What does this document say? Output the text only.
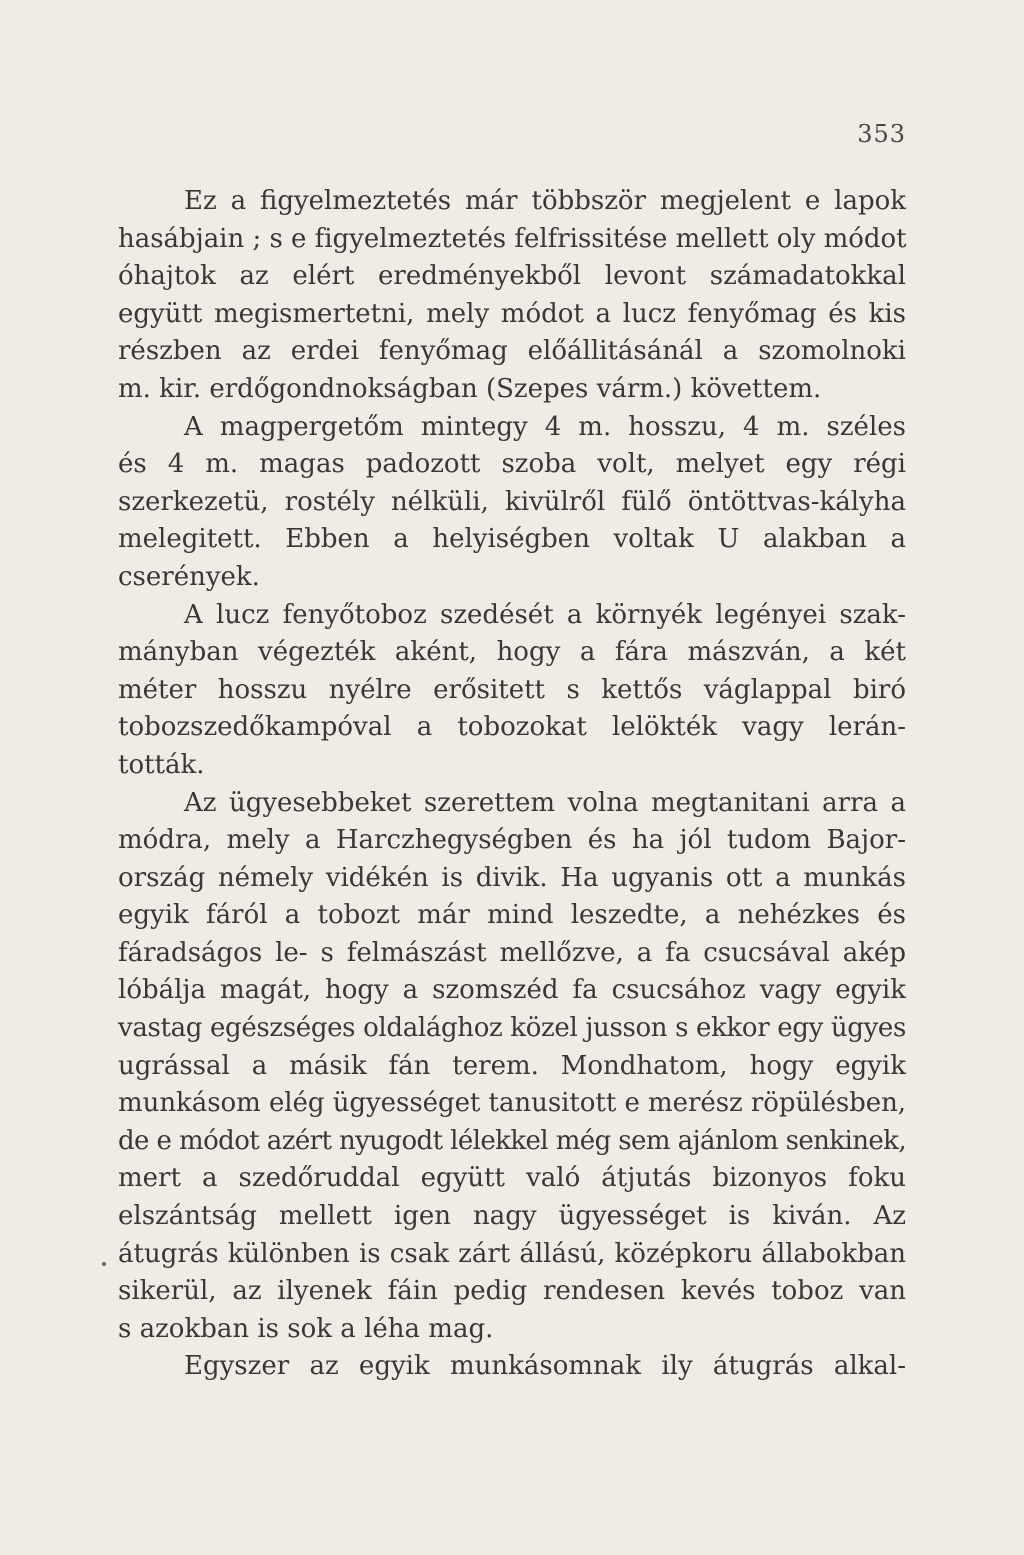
353
Ez a figyelmeztetés már többször megjelent e lapok
hasábjain ; s e figyelmeztetés felfrissitése mellett oly módot
óhajtok az elért eredményekből levont számadatokkal
együtt megismertetni, mely módot a lucz fenyőmag és kis
részben az erdei fenyőmag előállitásánál a szomolnoki
m. kir. erdőgondnokságban (Szepes várm.) követtem.
A magpergetőm mintegy 4 m. hosszu, 4 m. széles
és 4 m. magas padozott szoba volt, melyet egy régi
szerkezetü, rostély nélküli, kivülről fülő öntöttvas-kályha
melegitett. Ebben a helyiségben voltak U alakban a
cserények.
A lucz fenyőtoboz szedését a környék legényei szak-
mányban végezték aként, hogy a fára mászván, a két
méter hosszu nyélre erősitett s kettős váglappal biró
tobozszedőkampóval a tobozokat lelökték vagy lerán-
tották.
Az ügyesebbeket szerettem volna megtanitani arra a
módra, mely a Harczhegységben és ha jól tudom Bajor-
ország némely vidékén is divik. Ha ugyanis ott a munkás
egyik fáról a tobozt már mind leszedte, a nehézkes és
fáradságos le- s felmászást mellőzve, a fa csucsával akép
lóbálja magát, hogy a szomszéd fa csucsához vagy egyik
vastag egészséges oldalághoz közel jusson s ekkor egy ügyes
ugrással a másik fán terem. Mondhatom, hogy egyik
munkásom elég ügyességet tanusitott e merész röpülésben,
de e módot azért nyugodt lélekkel még sem ajánlom senkinek,
mert a szedőruddal együtt való átjutás bizonyos foku
elszántság mellett igen nagy ügyességet is kiván. Az
átugrás különben is csak zárt állású, középkoru állabokban
sikerül, az ilyenek fáin pedig rendesen kevés toboz van
s azokban is sok a léha mag.
Egyszer az egyik munkásomnak ily átugrás alkal-
